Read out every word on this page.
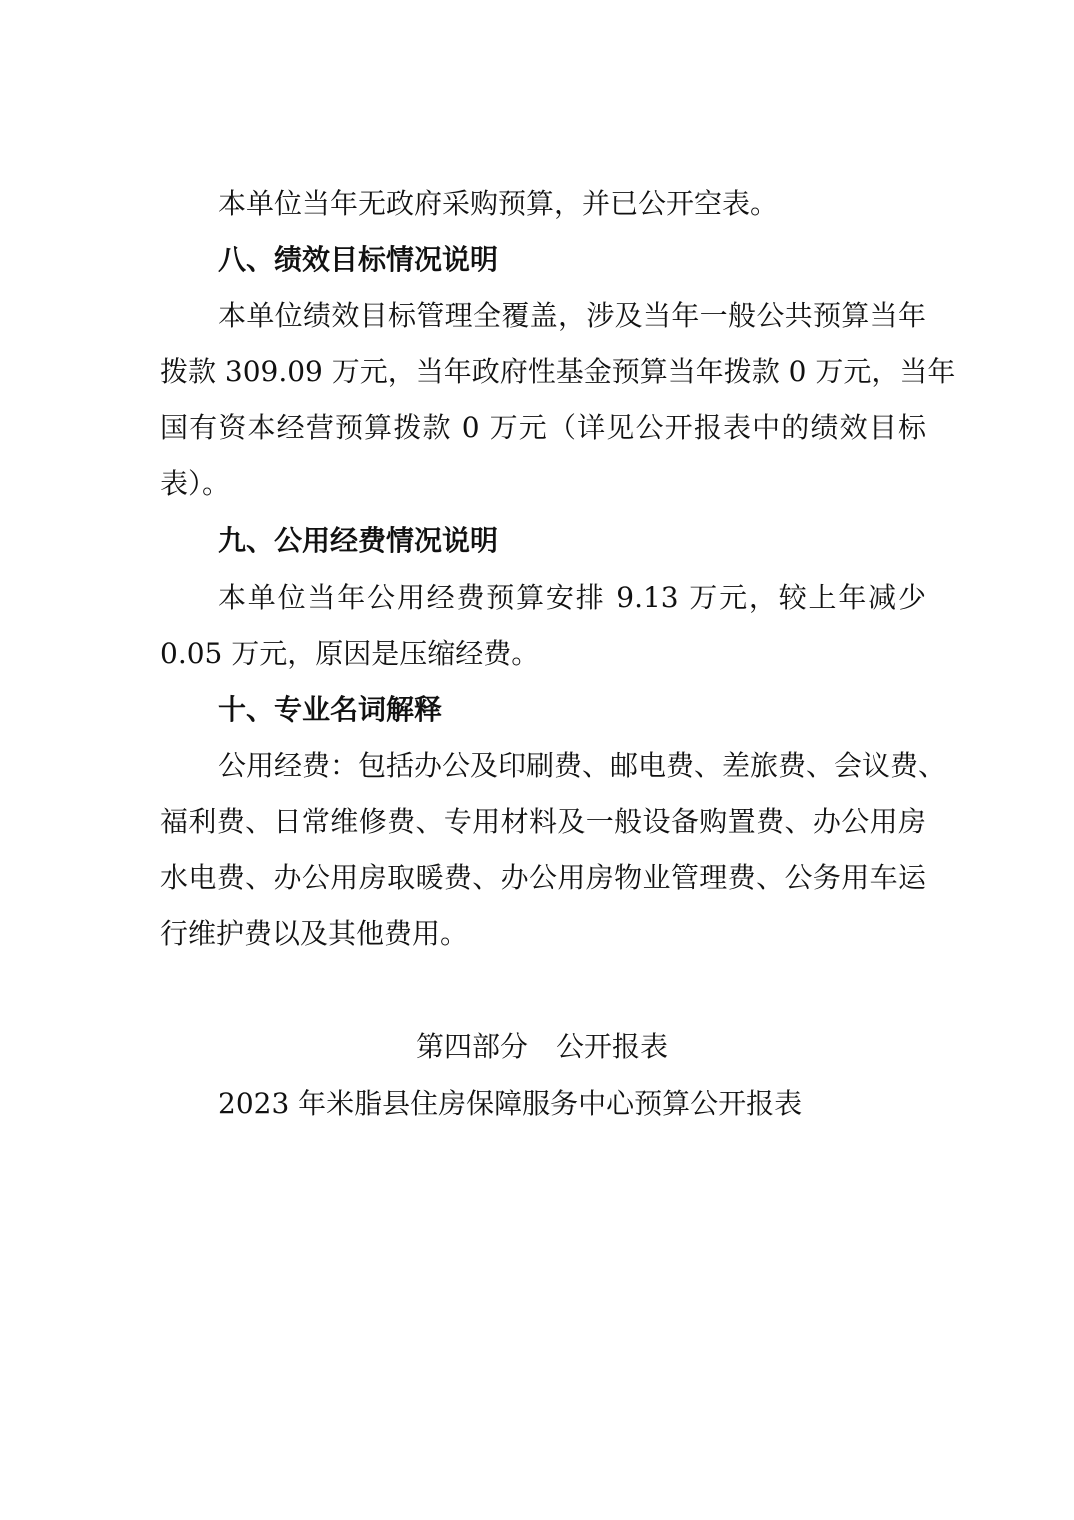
本单位当年无政府采购预算，并已公开空表。
八、绩效目标情况说明
本单位绩效目标管理全覆盖，涉及当年一般公共预算当年
拨款 309.09 万元，当年政府性基金预算当年拨款 0 万元，当年
国有资本经营预算拨款 0 万元（详见公开报表中的绩效目标
表）。
九、公用经费情况说明
本单位当年公用经费预算安排 9.13 万元，较上年减少
0.05 万元，原因是压缩经费。
十、专业名词解释
公用经费：包括办公及印刷费、邮电费、差旅费、会议费、
福利费、日常维修费、专用材料及一般设备购置费、办公用房
水电费、办公用房取暖费、办公用房物业管理费、公务用车运
行维护费以及其他费用。
第四部分　公开报表
2023 年米脂县住房保障服务中心预算公开报表
